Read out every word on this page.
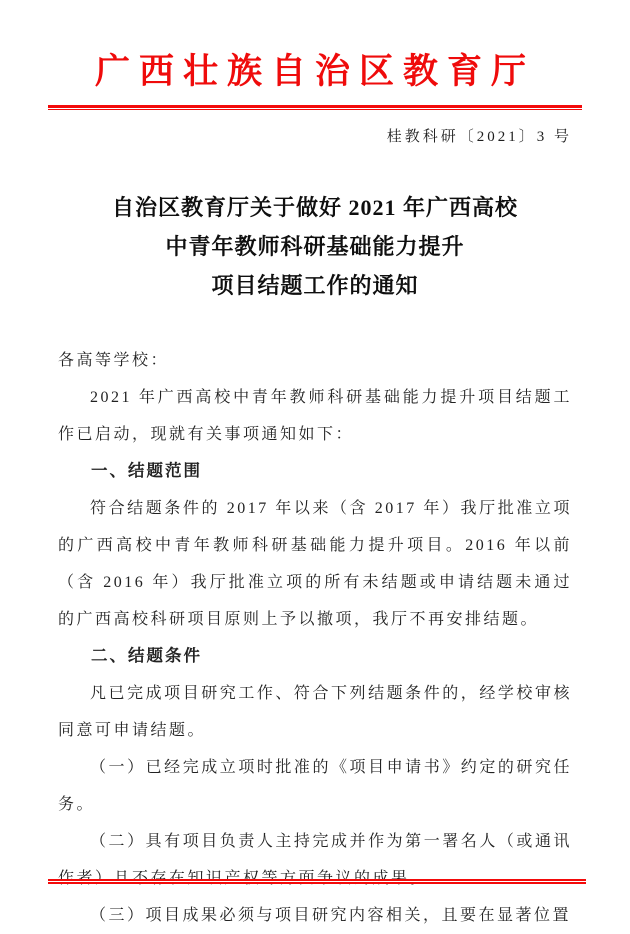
广西壮族自治区教育厅
桂教科研〔2021〕3 号
自治区教育厅关于做好 2021 年广西高校
中青年教师科研基础能力提升
项目结题工作的通知

各高等学校：

2021 年广西高校中青年教师科研基础能力提升项目结题工作已启动，现就有关事项通知如下：

一、结题范围

符合结题条件的 2017 年以来（含 2017 年）我厅批准立项的广西高校中青年教师科研基础能力提升项目。2016 年以前（含 2016 年）我厅批准立项的所有未结题或申请结题未通过的广西高校科研项目原则上予以撤项，我厅不再安排结题。

二、结题条件

凡已完成项目研究工作、符合下列结题条件的，经学校审核同意可申请结题。

（一）已经完成立项时批准的《项目申请书》约定的研究任务。

（二）具有项目负责人主持完成并作为第一署名人（或通讯

（三）项目成果必须与项目研究内容相关，且要在显著位置
